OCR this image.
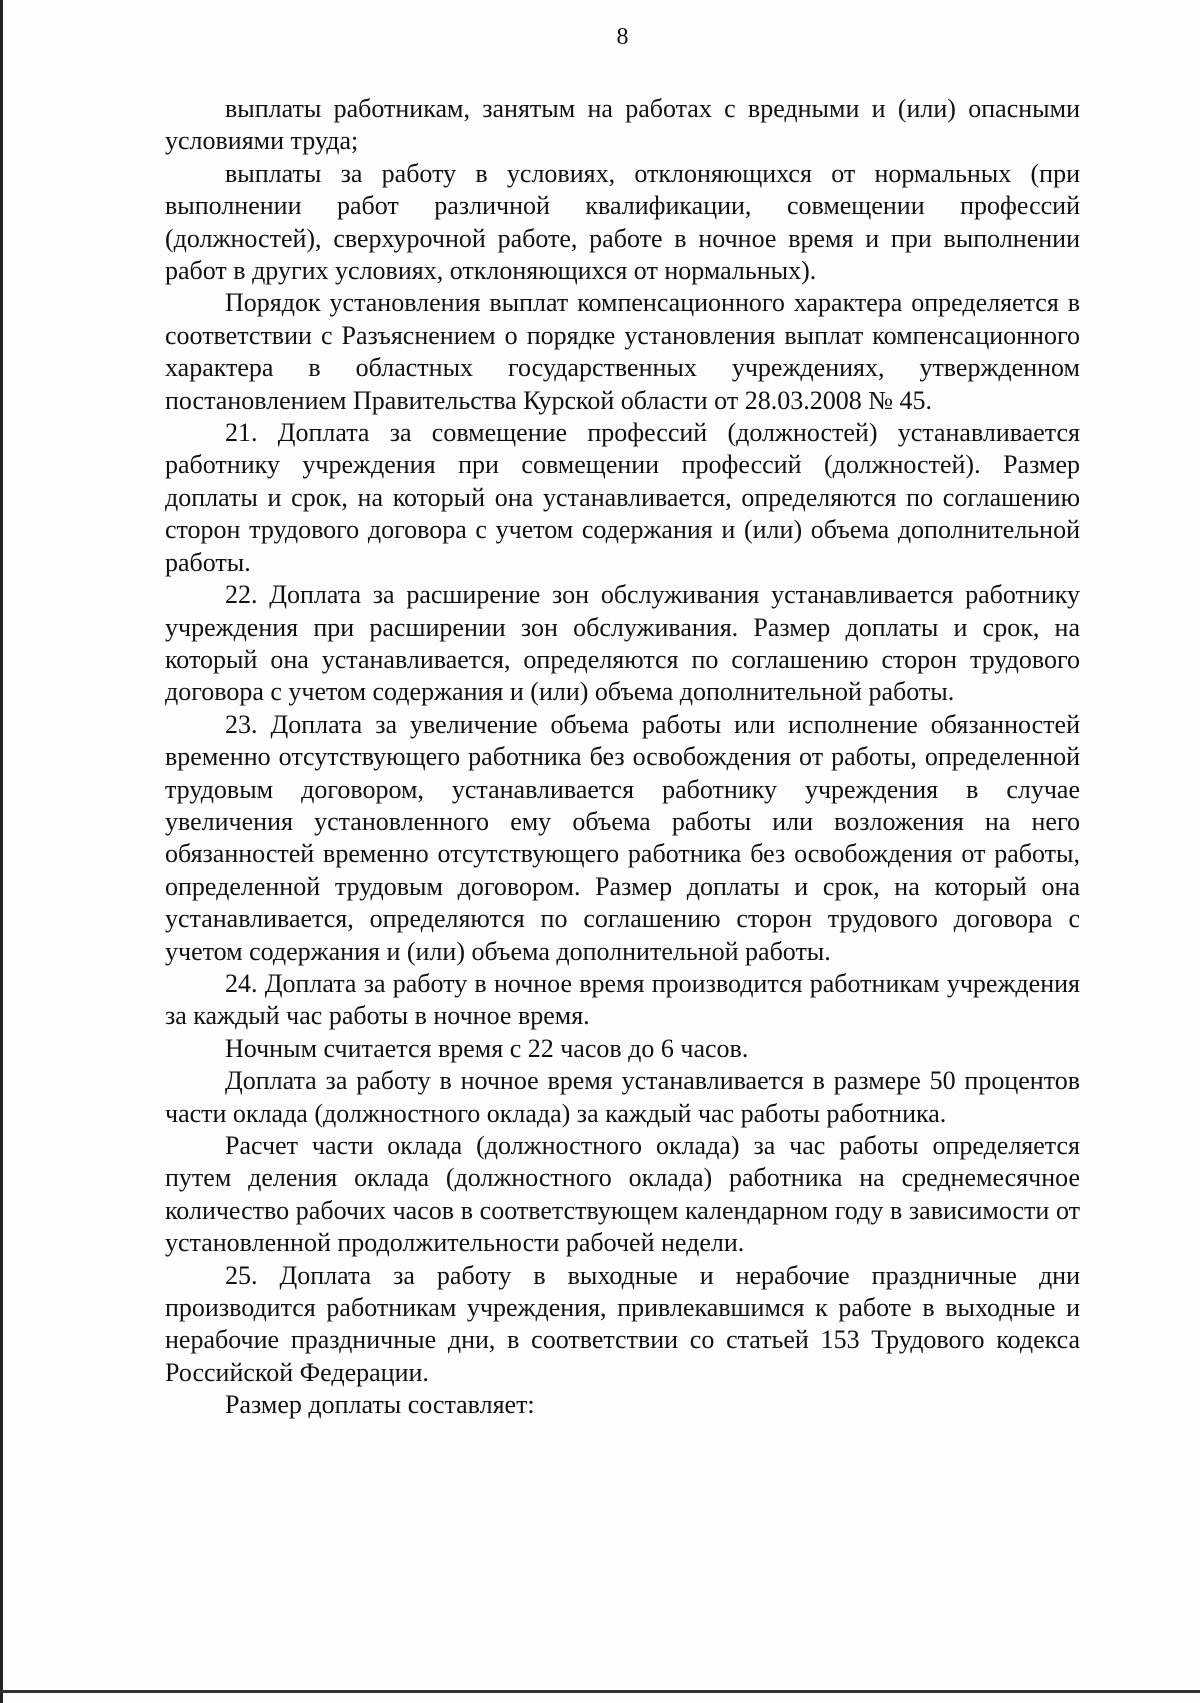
8

выплаты работникам, занятым на работах с вредными и (или) опасными условиями труда;

выплаты за работу в условиях, отклоняющихся от нормальных (при выполнении работ различной квалификации, совмещении профессий (должностей), сверхурочной работе, работе в ночное время и при выполнении работ в других условиях, отклоняющихся от нормальных).

Порядок установления выплат компенсационного характера определяется в соответствии с Разъяснением о порядке установления выплат компенсационного характера в областных государственных учреждениях, утвержденном постановлением Правительства Курской области от 28.03.2008 № 45.

21. Доплата за совмещение профессий (должностей) устанавливается работнику учреждения при совмещении профессий (должностей). Размер доплаты и срок, на который она устанавливается, определяются по соглашению сторон трудового договора с учетом содержания и (или) объема дополнительной работы.

22. Доплата за расширение зон обслуживания устанавливается работнику учреждения при расширении зон обслуживания. Размер доплаты и срок, на который она устанавливается, определяются по соглашению сторон трудового договора с учетом содержания и (или) объема дополнительной работы.

23. Доплата за увеличение объема работы или исполнение обязанностей временно отсутствующего работника без освобождения от работы, определенной трудовым договором, устанавливается работнику учреждения в случае увеличения установленного ему объема работы или возложения на него обязанностей временно отсутствующего работника без освобождения от работы, определенной трудовым договором. Размер доплаты и срок, на который она устанавливается, определяются по соглашению сторон трудового договора с учетом содержания и (или) объема дополнительной работы.

24. Доплата за работу в ночное время производится работникам учреждения за каждый час работы в ночное время.

Ночным считается время с 22 часов до 6 часов.

Доплата за работу в ночное время устанавливается в размере 50 процентов части оклада (должностного оклада) за каждый час работы работника.

Расчет части оклада (должностного оклада) за час работы определяется путем деления оклада (должностного оклада) работника на среднемесячное количество рабочих часов в соответствующем календарном году в зависимости от установленной продолжительности рабочей недели.

25. Доплата за работу в выходные и нерабочие праздничные дни производится работникам учреждения, привлекавшимся к работе в выходные и нерабочие праздничные дни, в соответствии со статьей 153 Трудового кодекса Российской Федерации.

Размер доплаты составляет:
